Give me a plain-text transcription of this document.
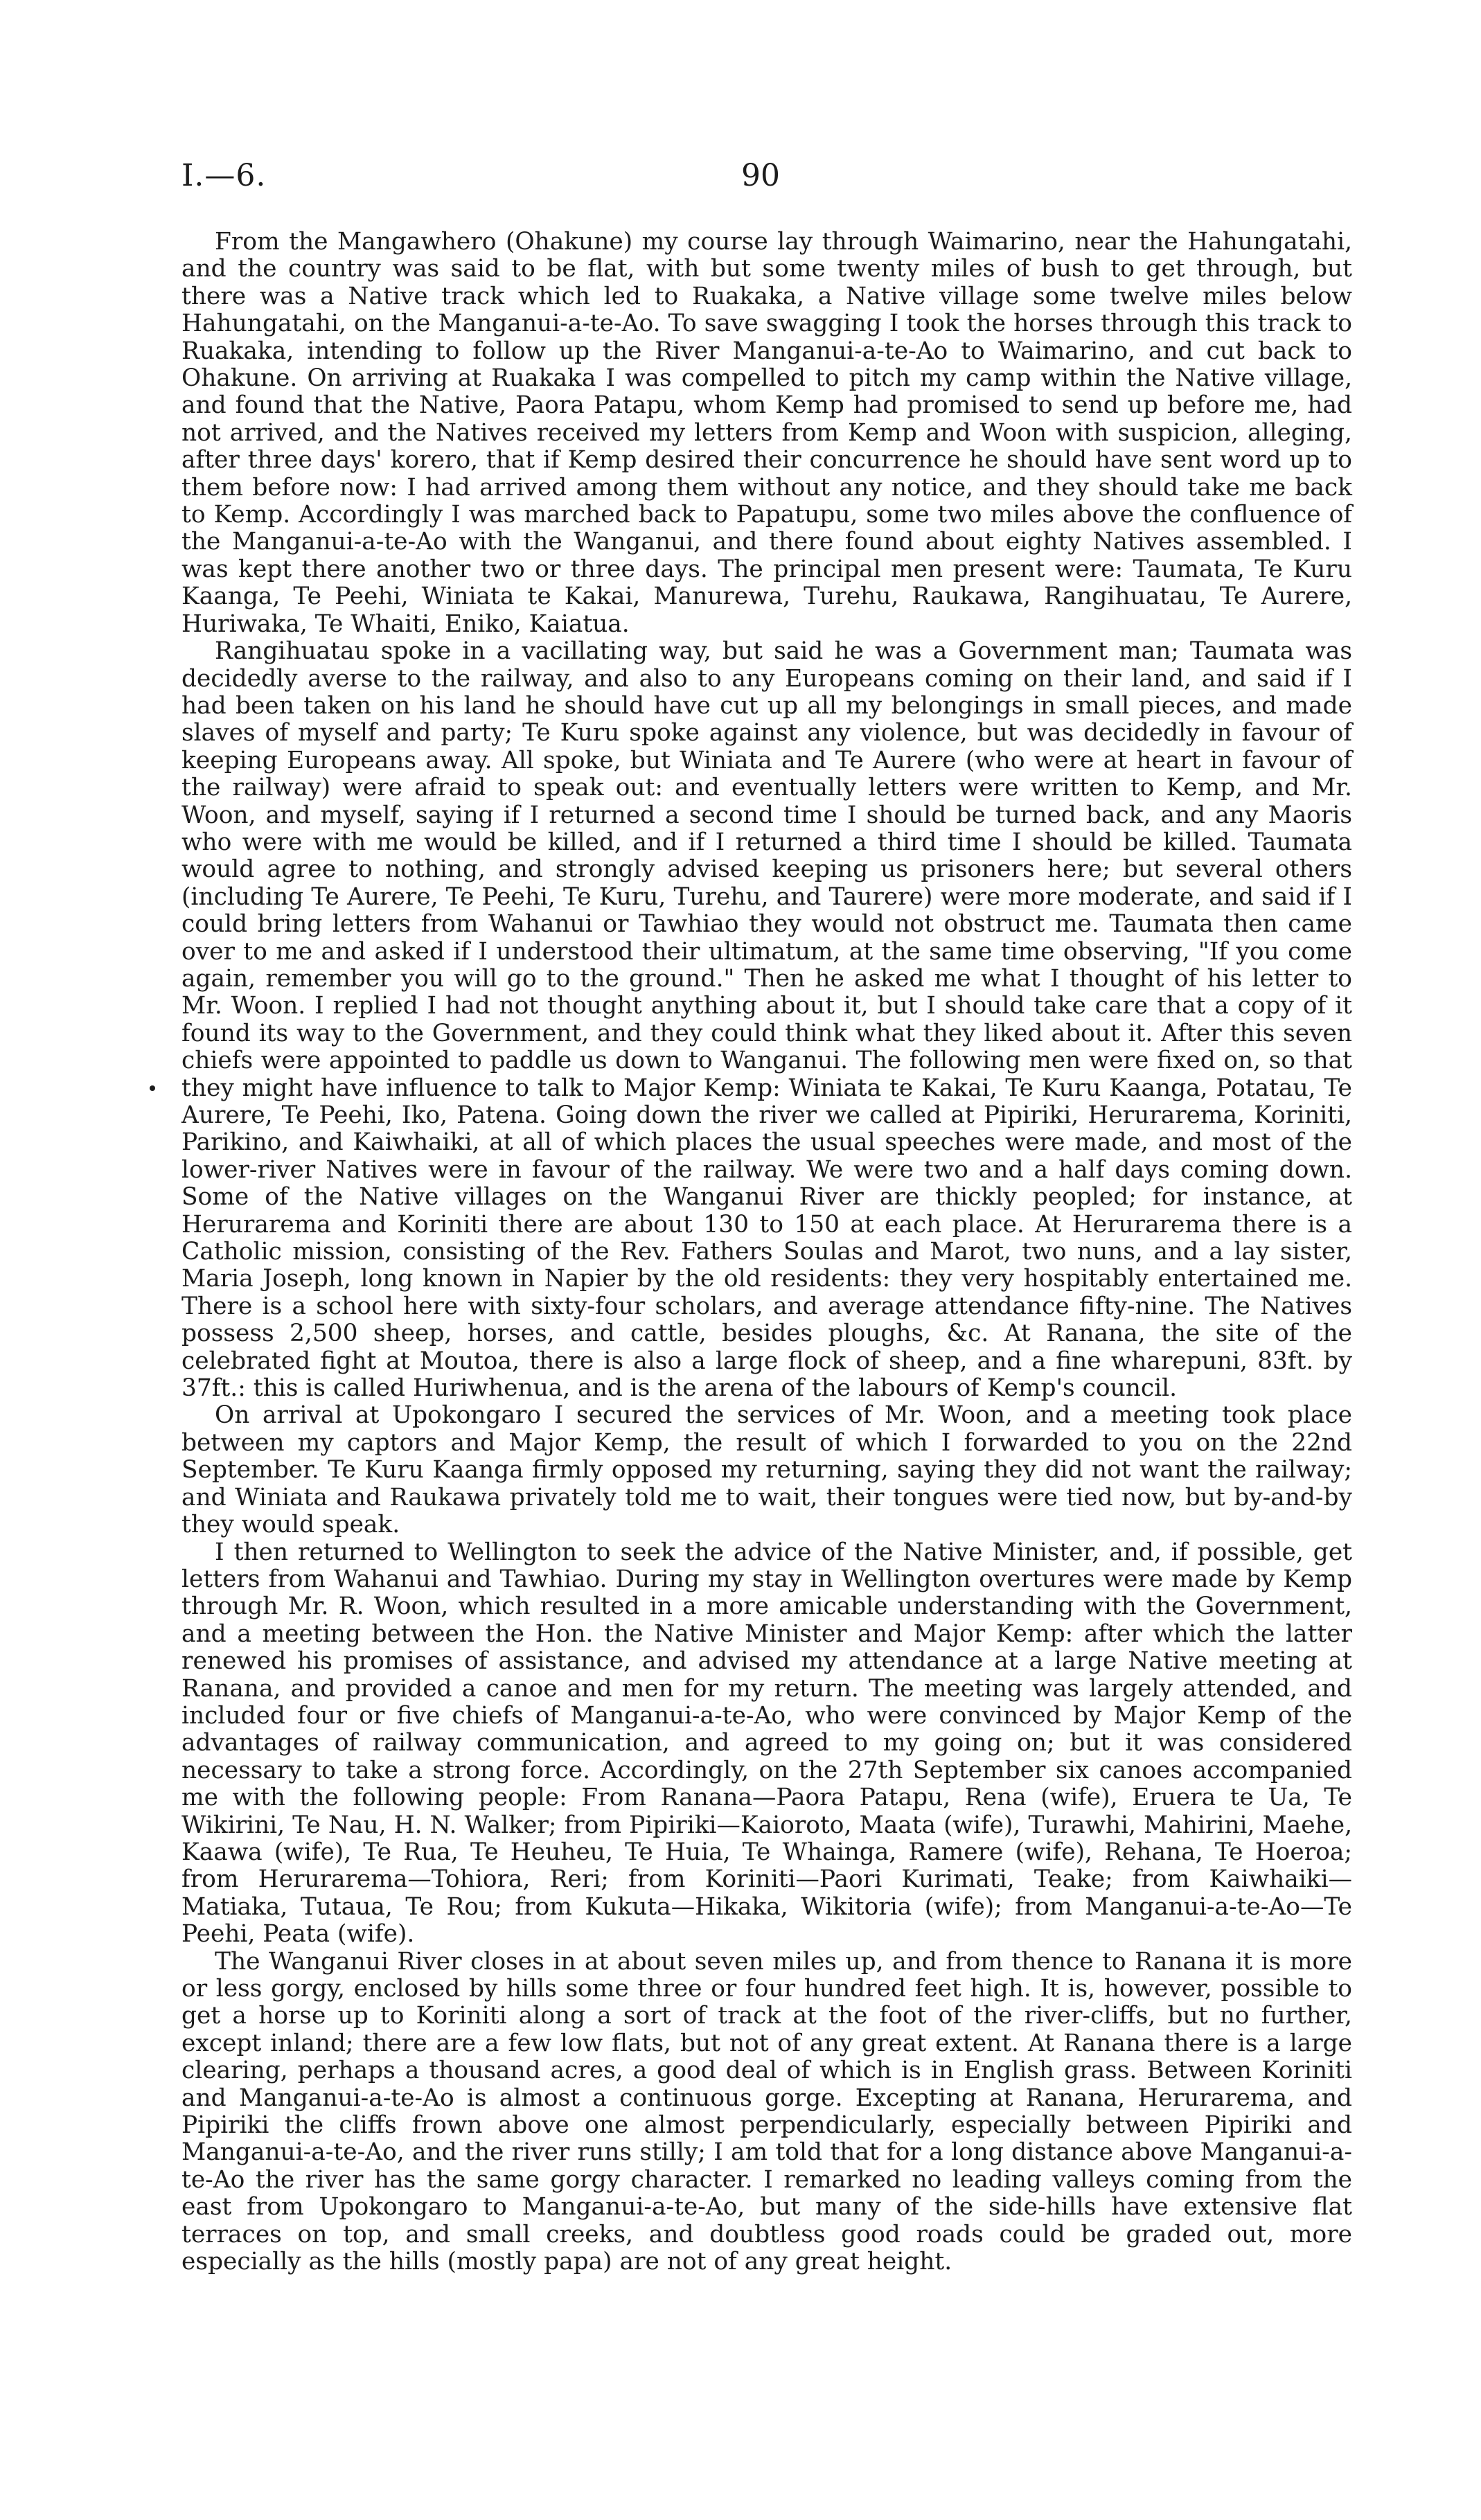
I.—6.	90

From the Mangawhero (Ohakune) my course lay through Waimarino, near the Hahungatahi, and the country was said to be flat, with but some twenty miles of bush to get through, but there was a Native track which led to Ruakaka, a Native village some twelve miles below Hahungatahi, on the Manganui-a-te-Ao. To save swagging I took the horses through this track to Ruakaka, intending to follow up the River Manganui-a-te-Ao to Waimarino, and cut back to Ohakune. On arriving at Ruakaka I was compelled to pitch my camp within the Native village, and found that the Native, Paora Patapu, whom Kemp had promised to send up before me, had not arrived, and the Natives received my letters from Kemp and Woon with suspicion, alleging, after three days' korero, that if Kemp desired their concurrence he should have sent word up to them before now: I had arrived among them without any notice, and they should take me back to Kemp. Accordingly I was marched back to Papatupu, some two miles above the confluence of the Manganui-a-te-Ao with the Wanganui, and there found about eighty Natives assembled. I was kept there another two or three days. The principal men present were: Taumata, Te Kuru Kaanga, Te Peehi, Winiata te Kakai, Manurewa, Turehu, Raukawa, Rangihuatau, Te Aurere, Huriwaka, Te Whaiti, Eniko, Kaiatua.

Rangihuatau spoke in a vacillating way, but said he was a Government man; Taumata was decidedly averse to the railway, and also to any Europeans coming on their land, and said if I had been taken on his land he should have cut up all my belongings in small pieces, and made slaves of myself and party; Te Kuru spoke against any violence, but was decidedly in favour of keeping Europeans away. All spoke, but Winiata and Te Aurere (who were at heart in favour of the railway) were afraid to speak out: and eventually letters were written to Kemp, and Mr. Woon, and myself, saying if I returned a second time I should be turned back, and any Maoris who were with me would be killed, and if I returned a third time I should be killed. Taumata would agree to nothing, and strongly advised keeping us prisoners here; but several others (including Te Aurere, Te Peehi, Te Kuru, Turehu, and Taurere) were more moderate, and said if I could bring letters from Wahanui or Tawhiao they would not obstruct me. Taumata then came over to me and asked if I understood their ultimatum, at the same time observing, "If you come again, remember you will go to the ground." Then he asked me what I thought of his letter to Mr. Woon. I replied I had not thought anything about it, but I should take care that a copy of it found its way to the Government, and they could think what they liked about it. After this seven chiefs were appointed to paddle us down to Wanganui. The following men were fixed on, so that they might have influence to talk to Major Kemp: Winiata te Kakai, Te Kuru Kaanga, Potatau, Te Aurere, Te Peehi, Iko, Patena. Going down the river we called at Pipiriki, Herurarema, Koriniti, Parikino, and Kaiwhaiki, at all of which places the usual speeches were made, and most of the lower-river Natives were in favour of the railway. We were two and a half days coming down. Some of the Native villages on the Wanganui River are thickly peopled; for instance, at Herurarema and Koriniti there are about 130 to 150 at each place. At Herurarema there is a Catholic mission, consisting of the Rev. Fathers Soulas and Marot, two nuns, and a lay sister, Maria Joseph, long known in Napier by the old residents: they very hospitably entertained me. There is a school here with sixty-four scholars, and average attendance fifty-nine. The Natives possess 2,500 sheep, horses, and cattle, besides ploughs, &c. At Ranana, the site of the celebrated fight at Moutoa, there is also a large flock of sheep, and a fine wharepuni, 83ft. by 37ft.: this is called Huriwhenua, and is the arena of the labours of Kemp's council.

On arrival at Upokongaro I secured the services of Mr. Woon, and a meeting took place between my captors and Major Kemp, the result of which I forwarded to you on the 22nd September. Te Kuru Kaanga firmly opposed my returning, saying they did not want the railway; and Winiata and Raukawa privately told me to wait, their tongues were tied now, but by-and-by they would speak.

I then returned to Wellington to seek the advice of the Native Minister, and, if possible, get letters from Wahanui and Tawhiao. During my stay in Wellington overtures were made by Kemp through Mr. R. Woon, which resulted in a more amicable understanding with the Government, and a meeting between the Hon. the Native Minister and Major Kemp: after which the latter renewed his promises of assistance, and advised my attendance at a large Native meeting at Ranana, and provided a canoe and men for my return. The meeting was largely attended, and included four or five chiefs of Manganui-a-te-Ao, who were convinced by Major Kemp of the advantages of railway communication, and agreed to my going on; but it was considered necessary to take a strong force. Accordingly, on the 27th September six canoes accompanied me with the following people: From Ranana—Paora Patapu, Rena (wife), Eruera te Ua, Te Wikirini, Te Nau, H. N. Walker; from Pipiriki—Kaioroto, Maata (wife), Turawhi, Mahirini, Maehe, Kaawa (wife), Te Rua, Te Heuheu, Te Huia, Te Whainga, Ramere (wife), Rehana, Te Hoeroa; from Herurarema—Tohiora, Reri; from Koriniti—Paori Kurimati, Teake; from Kaiwhaiki—Matiaka, Tutaua, Te Rou; from Kukuta—Hikaka, Wikitoria (wife); from Manganui-a-te-Ao—Te Peehi, Peata (wife).

The Wanganui River closes in at about seven miles up, and from thence to Ranana it is more or less gorgy, enclosed by hills some three or four hundred feet high. It is, however, possible to get a horse up to Koriniti along a sort of track at the foot of the river-cliffs, but no further, except inland; there are a few low flats, but not of any great extent. At Ranana there is a large clearing, perhaps a thousand acres, a good deal of which is in English grass. Between Koriniti and Manganui-a-te-Ao is almost a continuous gorge. Excepting at Ranana, Herurarema, and Pipiriki the cliffs frown above one almost perpendicularly, especially between Pipiriki and Manganui-a-te-Ao, and the river runs stilly; I am told that for a long distance above Manganui-a-te-Ao the river has the same gorgy character. I remarked no leading valleys coming from the east from Upokongaro to Manganui-a-te-Ao, but many of the side-hills have extensive flat terraces on top, and small creeks, and doubtless good roads could be graded out, more especially as the hills (mostly papa) are not of any great height.
